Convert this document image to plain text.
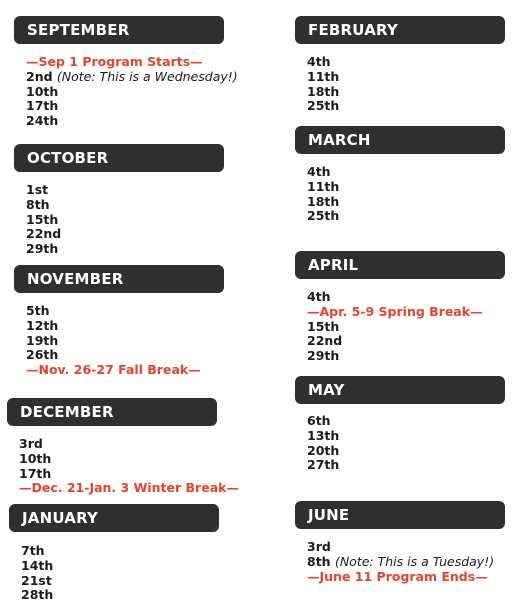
SEPTEMBER
—Sep 1 Program Starts—
2nd (Note: This is a Wednesday!)
10th
17th
24th
OCTOBER
1st
8th
15th
22nd
29th
NOVEMBER
5th
12th
19th
26th
—Nov. 26-27 Fall Break—
DECEMBER
3rd
10th
17th
—Dec. 21-Jan. 3 Winter Break—
JANUARY
7th
14th
21st
28th
FEBRUARY
4th
11th
18th
25th
MARCH
4th
11th
18th
25th
APRIL
4th
—Apr. 5-9 Spring Break—
15th
22nd
29th
MAY
6th
13th
20th
27th
JUNE
3rd
8th (Note: This is a Tuesday!)
—June 11 Program Ends—
